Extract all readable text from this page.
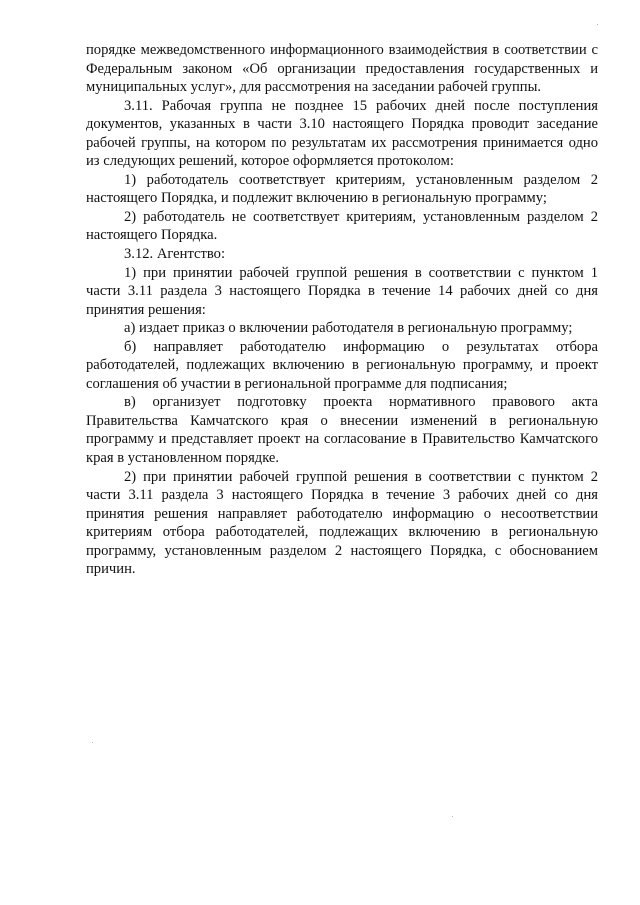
порядке межведомственного информационного взаимодействия в соответствии с Федеральным законом «Об организации предоставления государственных и муниципальных услуг», для рассмотрения на заседании рабочей группы.

3.11. Рабочая группа не позднее 15 рабочих дней после поступления документов, указанных в части 3.10 настоящего Порядка проводит заседание рабочей группы, на котором по результатам их рассмотрения принимается одно из следующих решений, которое оформляется протоколом:

1) работодатель соответствует критериям, установленным разделом 2 настоящего Порядка, и подлежит включению в региональную программу;

2) работодатель не соответствует критериям, установленным разделом 2 настоящего Порядка.

3.12. Агентство:

1) при принятии рабочей группой решения в соответствии с пунктом 1 части 3.11 раздела 3 настоящего Порядка в течение 14 рабочих дней со дня принятия решения:

а) издает приказ о включении работодателя в региональную программу;

б) направляет работодателю информацию о результатах отбора работодателей, подлежащих включению в региональную программу, и проект соглашения об участии в региональной программе для подписания;

в) организует подготовку проекта нормативного правового акта Правительства Камчатского края о внесении изменений в региональную программу и представляет проект на согласование в Правительство Камчатского края в установленном порядке.

2) при принятии рабочей группой решения в соответствии с пунктом 2 части 3.11 раздела 3 настоящего Порядка в течение 3 рабочих дней со дня принятия решения направляет работодателю информацию о несоответствии критериям отбора работодателей, подлежащих включению в региональную программу, установленным разделом 2 настоящего Порядка, с обоснованием причин.
